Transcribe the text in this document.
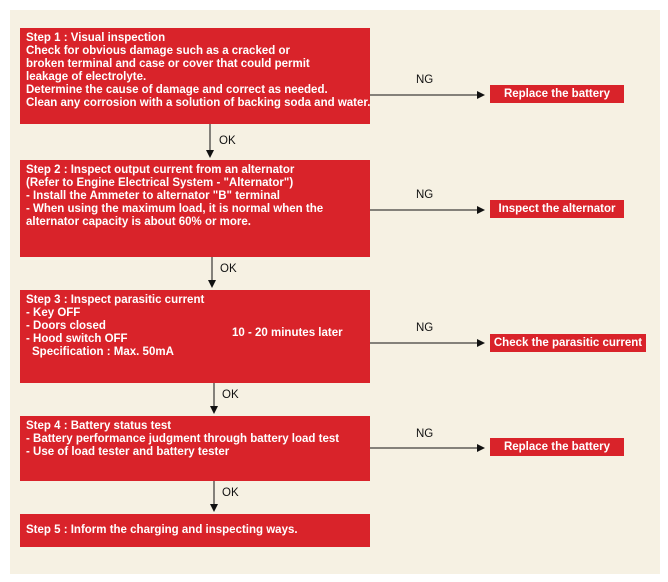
Step 1 : Visual inspection
Check for obvious damage such as a cracked or
broken terminal and case or cover that could permit
leakage of electrolyte.
Determine the cause of damage and correct as needed.
Clean any corrosion with a solution of backing soda and water.
NG
Replace the battery
OK
Step 2 : Inspect output current from an alternator
(Refer to Engine Electrical System - "Alternator")
- Install the Ammeter to alternator "B" terminal
- When using the maximum load, it is normal when the
alternator capacity is about 60% or more.
NG
Inspect the alternator
OK
Step 3 : Inspect parasitic current
- Key OFF
- Doors closed
- Hood switch OFF
Specification : Max. 50mA
10 - 20 minutes later	NG
Check the parasitic current
OK
Step 4 : Battery status test
- Battery performance judgment through battery load test
- Use of load tester and battery tester
NG
Replace the battery
OK
Step 5 : Inform the charging and inspecting ways.
